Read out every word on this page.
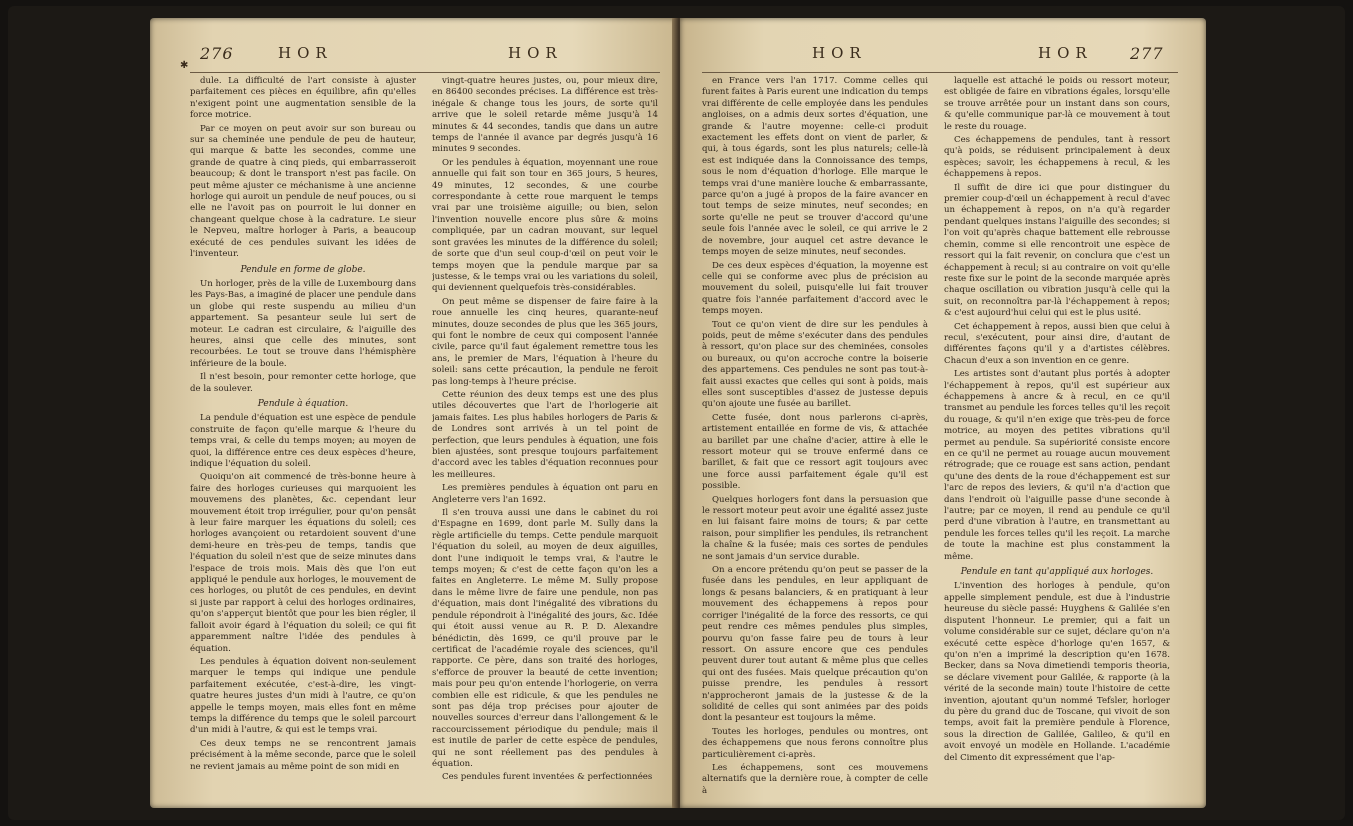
276	HOR	HOR
✱

dule. La difficulté de l'art consiste à ajuster parfaitement ces pièces en équilibre, afin qu'elles n'exigent point une augmentation sensible de la force motrice.

Par ce moyen on peut avoir sur son bureau ou sur sa cheminée une pendule de peu de hauteur, qui marque & batte les secondes, comme une grande de quatre à cinq pieds, qui embarrasseroit beaucoup; & dont le transport n'est pas facile. On peut même ajuster ce méchanisme à une ancienne horloge qui auroit un pendule de neuf pouces, ou si elle ne l'avoit pas on pourroit le lui donner en changeant quelque chose à la cadrature. Le sieur le Nepveu, maître horloger à Paris, a beaucoup exécuté de ces pendules suivant les idées de l'inventeur.

Pendule en forme de globe.

Un horloger, près de la ville de Luxembourg dans les Pays-Bas, a imaginé de placer une pendule dans un globe qui reste suspendu au milieu d'un appartement. Sa pesanteur seule lui sert de moteur. Le cadran est circulaire, & l'aiguille des heures, ainsi que celle des minutes, sont recourbées. Le tout se trouve dans l'hémisphère inférieure de la boule.

Il n'est besoin, pour remonter cette horloge, que de la soulever.

Pendule à équation.

La pendule d'équation est une espèce de pendule construite de façon qu'elle marque & l'heure du temps vrai, & celle du temps moyen; au moyen de quoi, la différence entre ces deux espèces d'heure, indique l'équation du soleil.

Quoiqu'on ait commencé de très-bonne heure à faire des horloges curieuses qui marquoient les mouvemens des planètes, &c. cependant leur mouvement étoit trop irrégulier, pour qu'on pensât à leur faire marquer les équations du soleil; ces horloges avançoient ou retardoient souvent d'une demi-heure en très-peu de temps, tandis que l'équation du soleil n'est que de seize minutes dans l'espace de trois mois. Mais dès que l'on eut appliqué le pendule aux horloges, le mouvement de ces horloges, ou plutôt de ces pendules, en devint si juste par rapport à celui des horloges ordinaires, qu'on s'apperçut bientôt que pour les bien régler, il falloit avoir égard à l'équation du soleil; ce qui fit apparemment naître l'idée des pendules à équation.

Les pendules à équation doivent non-seulement marquer le temps qui indique une pendule parfaitement exécutée, c'est-à-dire, les vingt-quatre heures justes d'un midi à l'autre, ce qu'on appelle le temps moyen, mais elles font en même temps la différence du temps que le soleil parcourt d'un midi à l'autre, & qui est le temps vrai.

Ces deux temps ne se rencontrent jamais précisément à la même seconde, parce que le soleil ne revient jamais au même point de son midi en

vingt-quatre heures justes, ou, pour mieux dire, en 86400 secondes précises. La différence est très-inégale & change tous les jours, de sorte qu'il arrive que le soleil retarde même jusqu'à 14 minutes & 44 secondes, tandis que dans un autre temps de l'année il avance par degrés jusqu'à 16 minutes 9 secondes.

Or les pendules à équation, moyennant une roue annuelle qui fait son tour en 365 jours, 5 heures, 49 minutes, 12 secondes, & une courbe correspondante à cette roue marquent le temps vrai par une troisième aiguille; ou bien, selon l'invention nouvelle encore plus sûre & moins compliquée, par un cadran mouvant, sur lequel sont gravées les minutes de la différence du soleil; de sorte que d'un seul coup-d'œil on peut voir le temps moyen que la pendule marque par sa justesse, & le temps vrai ou les variations du soleil, qui deviennent quelquefois très-considérables.

On peut même se dispenser de faire faire à la roue annuelle les cinq heures, quarante-neuf minutes, douze secondes de plus que les 365 jours, qui font le nombre de ceux qui composent l'année civile, parce qu'il faut également remettre tous les ans, le premier de Mars, l'équation à l'heure du soleil: sans cette précaution, la pendule ne feroit pas long-temps à l'heure précise.

Cette réunion des deux temps est une des plus utiles découvertes que l'art de l'horlogerie ait jamais faites. Les plus habiles horlogers de Paris & de Londres sont arrivés à un tel point de perfection, que leurs pendules à équation, une fois bien ajustées, sont presque toujours parfaitement d'accord avec les tables d'équation reconnues pour les meilleures.

Les premières pendules à équation ont paru en Angleterre vers l'an 1692.

Il s'en trouva aussi une dans le cabinet du roi d'Espagne en 1699, dont parle M. Sully dans la règle artificielle du temps. Cette pendule marquoit l'équation du soleil, au moyen de deux aiguilles, dont l'une indiquoit le temps vrai, & l'autre le temps moyen; & c'est de cette façon qu'on les a faites en Angleterre. Le même M. Sully propose dans le même livre de faire une pendule, non pas d'équation, mais dont l'inégalité des vibrations du pendule répondroit à l'inégalité des jours, &c. Idée qui étoit aussi venue au R. P. D. Alexandre bénédictin, dès 1699, ce qu'il prouve par le certificat de l'académie royale des sciences, qu'il rapporte. Ce père, dans son traité des horloges, s'efforce de prouver la beauté de cette invention; mais pour peu qu'on entende l'horlogerie, on verra combien elle est ridicule, & que les pendules ne sont pas déja trop précises pour ajouter de nouvelles sources d'erreur dans l'allongement & le raccourcissement périodique du pendule; mais il est inutile de parler de cette espèce de pendules, qui ne sont réellement pas des pendules à équation.

Ces pendules furent inventées & perfectionnées

HOR	HOR 277

en France vers l'an 1717. Comme celles qui furent faites à Paris eurent une indication du temps vrai différente de celle employée dans les pendules angloises, on a admis deux sortes d'équation, une grande & l'autre moyenne: celle-ci produit exactement les effets dont on vient de parler, & qui, à tous égards, sont les plus naturels; celle-là est est indiquée dans la Connoissance des temps, sous le nom d'équation d'horloge. Elle marque le temps vrai d'une manière louche & embarrassante, parce qu'on a jugé à propos de la faire avancer en tout temps de seize minutes, neuf secondes; en sorte qu'elle ne peut se trouver d'accord qu'une seule fois l'année avec le soleil, ce qui arrive le 2 de novembre, jour auquel cet astre devance le temps moyen de seize minutes, neuf secondes.

De ces deux espèces d'équation, la moyenne est celle qui se conforme avec plus de précision au mouvement du soleil, puisqu'elle lui fait trouver quatre fois l'année parfaitement d'accord avec le temps moyen.

Tout ce qu'on vient de dire sur les pendules à poids, peut de même s'exécuter dans des pendules à ressort, qu'on place sur des cheminées, consoles ou bureaux, ou qu'on accroche contre la boiserie des appartemens. Ces pendules ne sont pas tout-à-fait aussi exactes que celles qui sont à poids, mais elles sont susceptibles d'assez de justesse depuis qu'on ajoute une fusée au barillet.

Cette fusée, dont nous parlerons ci-après, artistement entaillée en forme de vis, & attachée au barillet par une chaîne d'acier, attire à elle le ressort moteur qui se trouve enfermé dans ce barillet, & fait que ce ressort agit toujours avec une force aussi parfaitement égale qu'il est possible.

Quelques horlogers font dans la persuasion que le ressort moteur peut avoir une égalité assez juste en lui faisant faire moins de tours; & par cette raison, pour simplifier les pendules, ils retranchent la chaîne & la fusée; mais ces sortes de pendules ne sont jamais d'un service durable.

On a encore prétendu qu'on peut se passer de la fusée dans les pendules, en leur appliquant de longs & pesans balanciers, & en pratiquant à leur mouvement des échappemens à repos pour corriger l'inégalité de la force des ressorts, ce qui peut rendre ces mêmes pendules plus simples, pourvu qu'on fasse faire peu de tours à leur ressort. On assure encore que ces pendules peuvent durer tout autant & même plus que celles qui ont des fusées. Mais quelque précaution qu'on puisse prendre, les pendules à ressort n'approcheront jamais de la justesse & de la solidité de celles qui sont animées par des poids dont la pesanteur est toujours la même.

Toutes les horloges, pendules ou montres, ont des échappemens que nous ferons connoître plus particulièrement ci-après.

Les échappemens, sont ces mouvemens alternatifs que la dernière roue, à compter de celle à

laquelle est attaché le poids ou ressort moteur, est obligée de faire en vibrations égales, lorsqu'elle se trouve arrêtée pour un instant dans son cours, & qu'elle communique par-là ce mouvement à tout le reste du rouage.

Ces échappemens de pendules, tant à ressort qu'à poids, se réduisent principalement à deux espèces; savoir, les échappemens à recul, & les échappemens à repos.

Il suffit de dire ici que pour distinguer du premier coup-d'œil un échappement à recul d'avec un échappement à repos, on n'a qu'à regarder pendant quelques instans l'aiguille des secondes; si l'on voit qu'après chaque battement elle rebrousse chemin, comme si elle rencontroit une espèce de ressort qui la fait revenir, on conclura que c'est un échappement à recul; si au contraire on voit qu'elle reste fixe sur le point de la seconde marquée après chaque oscillation ou vibration jusqu'à celle qui la suit, on reconnoîtra par-là l'échappement à repos; & c'est aujourd'hui celui qui est le plus usité.

Cet échappement à repos, aussi bien que celui à recul, s'exécutent, pour ainsi dire, d'autant de différentes façons qu'il y a d'artistes célèbres. Chacun d'eux a son invention en ce genre.

Les artistes sont d'autant plus portés à adopter l'échappement à repos, qu'il est supérieur aux échappemens à ancre & à recul, en ce qu'il transmet au pendule les forces telles qu'il les reçoit du rouage, & qu'il n'en exige que très-peu de force motrice, au moyen des petites vibrations qu'il permet au pendule. Sa supériorité consiste encore en ce qu'il ne permet au rouage aucun mouvement rétrograde; que ce rouage est sans action, pendant qu'une des dents de la roue d'échappement est sur l'arc de repos des leviers, & qu'il n'a d'action que dans l'endroit où l'aiguille passe d'une seconde à l'autre; par ce moyen, il rend au pendule ce qu'il perd d'une vibration à l'autre, en transmettant au pendule les forces telles qu'il les reçoit. La marche de toute la machine est plus constamment la même.

Pendule en tant qu'appliqué aux horloges.

L'invention des horloges à pendule, qu'on appelle simplement pendule, est due à l'industrie heureuse du siècle passé: Huyghens & Galilée s'en disputent l'honneur. Le premier, qui a fait un volume considérable sur ce sujet, déclare qu'on n'a exécuté cette espèce d'horloge qu'en 1657, & qu'on n'en a imprimé la description qu'en 1678. Becker, dans sa Nova dimetiendi temporis theoria, se déclare vivement pour Galilée, & rapporte (à la vérité de la seconde main) toute l'histoire de cette invention, ajoutant qu'un nommé Tefsler, horloger du père du grand duc de Toscane, qui vivoit de son temps, avoit fait la première pendule à Florence, sous la direction de Galilée, Galileo, & qu'il en avoit envoyé un modèle en Hollande. L'académie del Cimento dit expressément que l'ap-
